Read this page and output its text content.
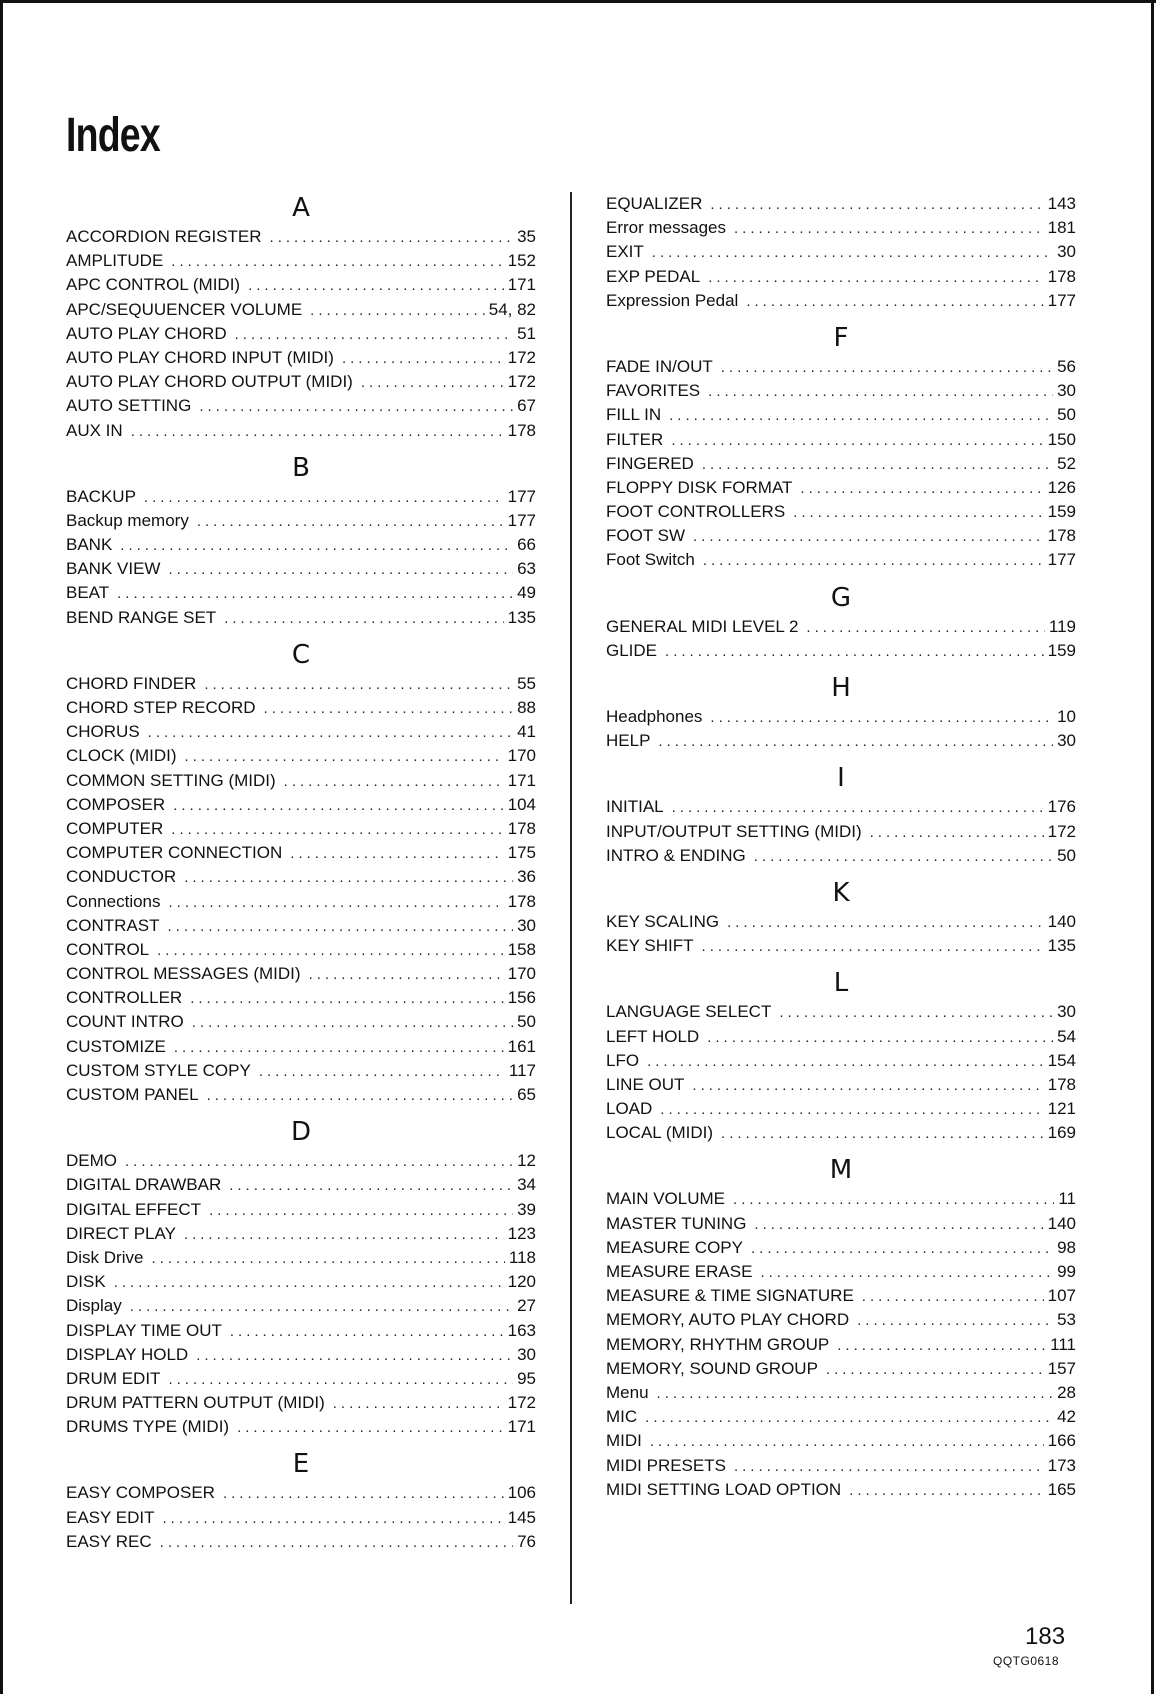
Index
A
ACCORDION REGISTER .....	35
AMPLITUDE .....	152
APC CONTROL (MIDI) .....	171
APC/SEQUUENCER VOLUME .....	54, 82
AUTO PLAY CHORD .....	51
AUTO PLAY CHORD INPUT (MIDI) .....	172
AUTO PLAY CHORD OUTPUT (MIDI) .....	172
AUTO SETTING .....	67
AUX IN .....	178
B
BACKUP .....	177
Backup memory .....	177
BANK .....	66
BANK VIEW .....	63
BEAT .....	49
BEND RANGE SET .....	135
C
CHORD FINDER .....	55
CHORD STEP RECORD .....	88
CHORUS .....	41
CLOCK (MIDI) .....	170
COMMON SETTING (MIDI) .....	171
COMPOSER .....	104
COMPUTER .....	178
COMPUTER CONNECTION .....	175
CONDUCTOR .....	36
Connections .....	178
CONTRAST .....	30
CONTROL .....	158
CONTROL MESSAGES (MIDI) .....	170
CONTROLLER .....	156
COUNT INTRO .....	50
CUSTOMIZE .....	161
CUSTOM STYLE COPY .....	117
CUSTOM PANEL .....	65
D
DEMO .....	12
DIGITAL DRAWBAR .....	34
DIGITAL EFFECT .....	39
DIRECT PLAY .....	123
Disk Drive .....	118
DISK .....	120
Display .....	27
DISPLAY TIME OUT .....	163
DISPLAY HOLD .....	30
DRUM EDIT .....	95
DRUM PATTERN OUTPUT (MIDI) .....	172
DRUMS TYPE (MIDI) .....	171
E
EASY COMPOSER .....	106
EASY EDIT .....	145
EASY REC .....	76
EQUALIZER .....	143
Error messages .....	181
EXIT .....	30
EXP PEDAL .....	178
Expression Pedal .....	177
F
FADE IN/OUT .....	56
FAVORITES .....	30
FILL IN .....	50
FILTER .....	150
FINGERED .....	52
FLOPPY DISK FORMAT .....	126
FOOT CONTROLLERS .....	159
FOOT SW .....	178
Foot Switch .....	177
G
GENERAL MIDI LEVEL 2 .....	119
GLIDE .....	159
H
Headphones .....	10
HELP .....	30
I
INITIAL .....	176
INPUT/OUTPUT SETTING (MIDI) .....	172
INTRO & ENDING .....	50
K
KEY SCALING .....	140
KEY SHIFT .....	135
L
LANGUAGE SELECT .....	30
LEFT HOLD .....	54
LFO .....	154
LINE OUT .....	178
LOAD .....	121
LOCAL (MIDI) .....	169
M
MAIN VOLUME .....	11
MASTER TUNING .....	140
MEASURE COPY .....	98
MEASURE ERASE .....	99
MEASURE & TIME SIGNATURE .....	107
MEMORY, AUTO PLAY CHORD .....	53
MEMORY, RHYTHM GROUP .....	111
MEMORY, SOUND GROUP .....	157
Menu .....	28
MIC .....	42
MIDI .....	166
MIDI PRESETS .....	173
MIDI SETTING LOAD OPTION .....	165

183

QQTG0618
